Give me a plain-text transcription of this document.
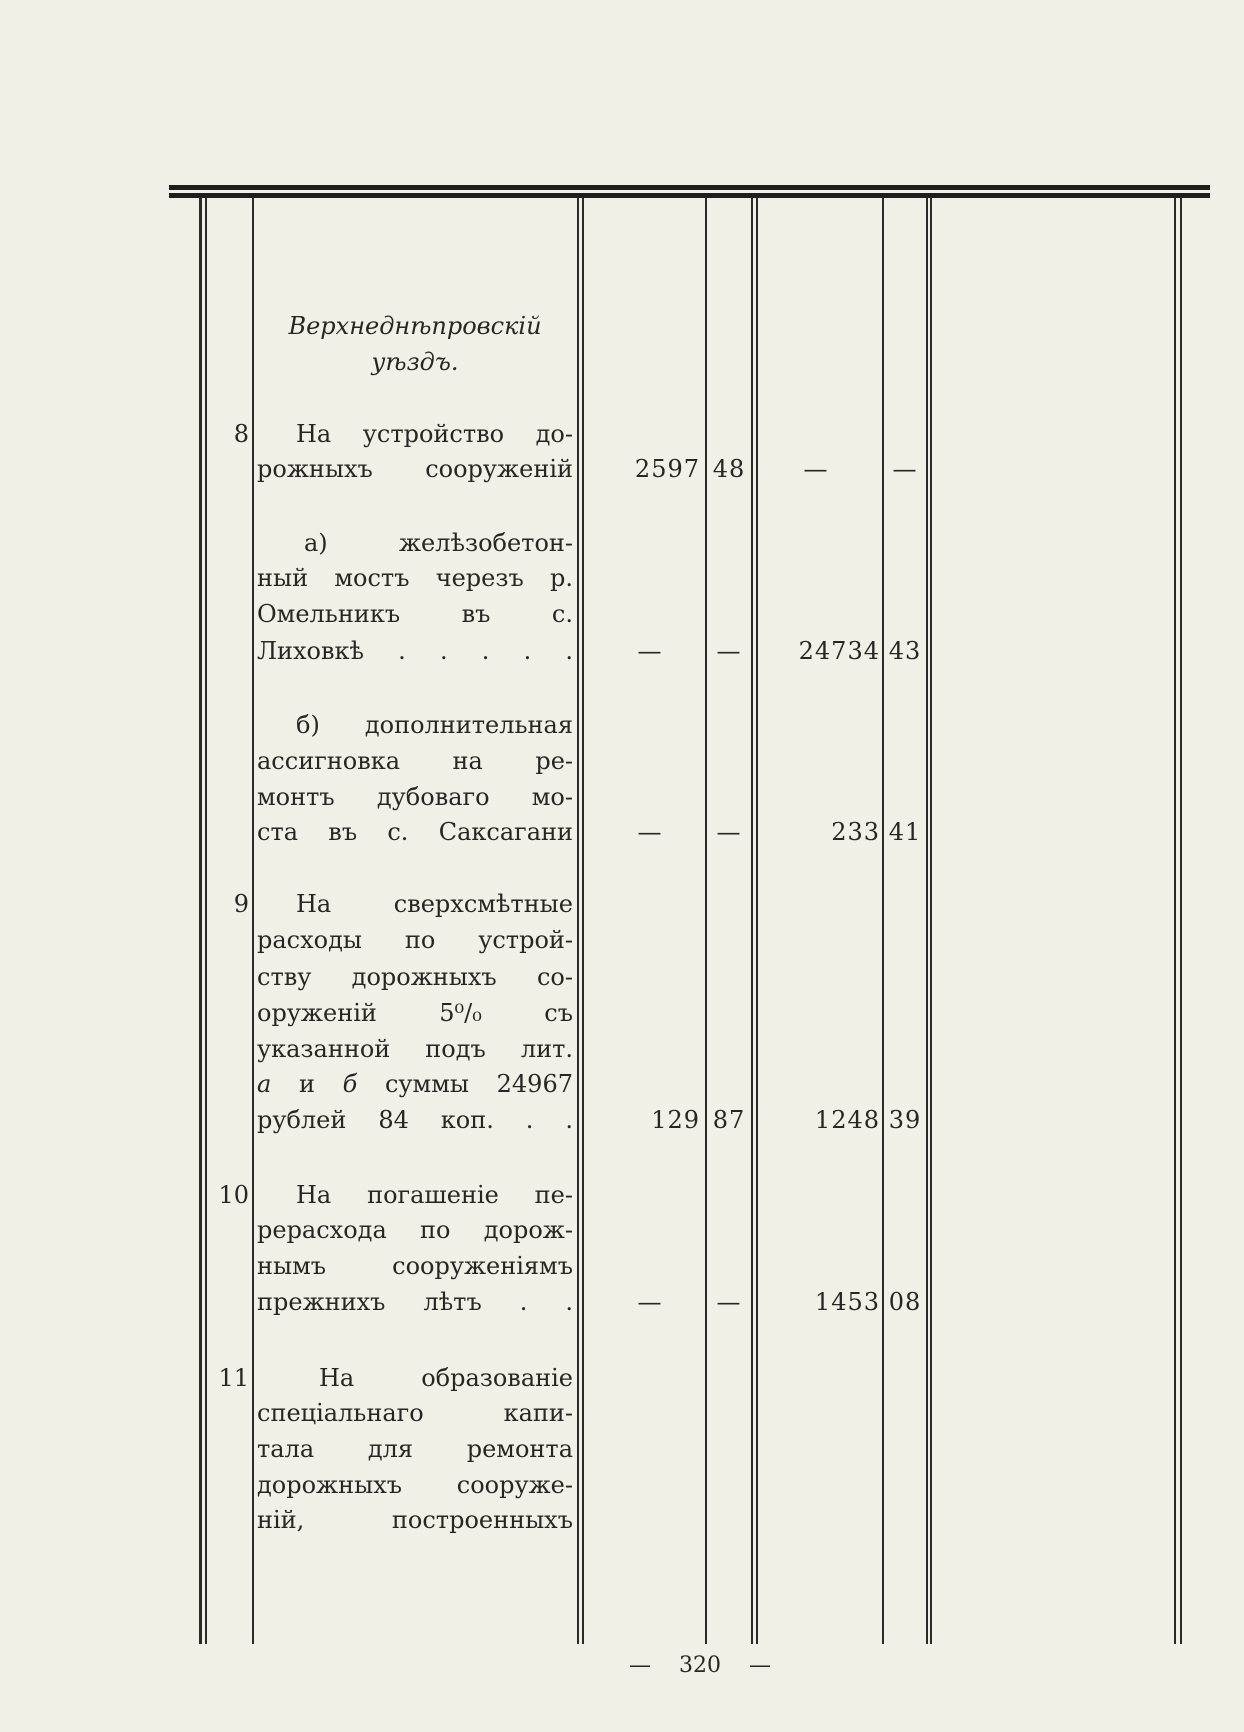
Верхнеднѣпровскій
уѣздъ.
8	На устройство до-
рожныхъ сооруженій	2597 48	—	—
а) желѣзобетон-
ный мостъ черезъ р.
Омельникъ въ с.
Лиховкѣ . . . . .	—	—	24734 43
б) дополнительная
ассигновка на ре-
монтъ дубоваго мо-
ста въ с. Саксагани	—	—	233 41
9	На сверхсмѣтные
расходы по устрой-
ству дорожныхъ со-
оруженій 5⁰/₀ съ
указанной подъ лит.
а и б суммы 24967
рублей 84 коп. . .	129 87	1248 39
10	На погашеніе пе-
рерасхода по дорож-
нымъ сооруженіямъ
прежнихъ лѣтъ . .	—	—	1453 08
11	На образованіе
спеціальнаго капи-
тала для ремонта
дорожныхъ сооруже-
ній, построенныхъ
— 320 —
